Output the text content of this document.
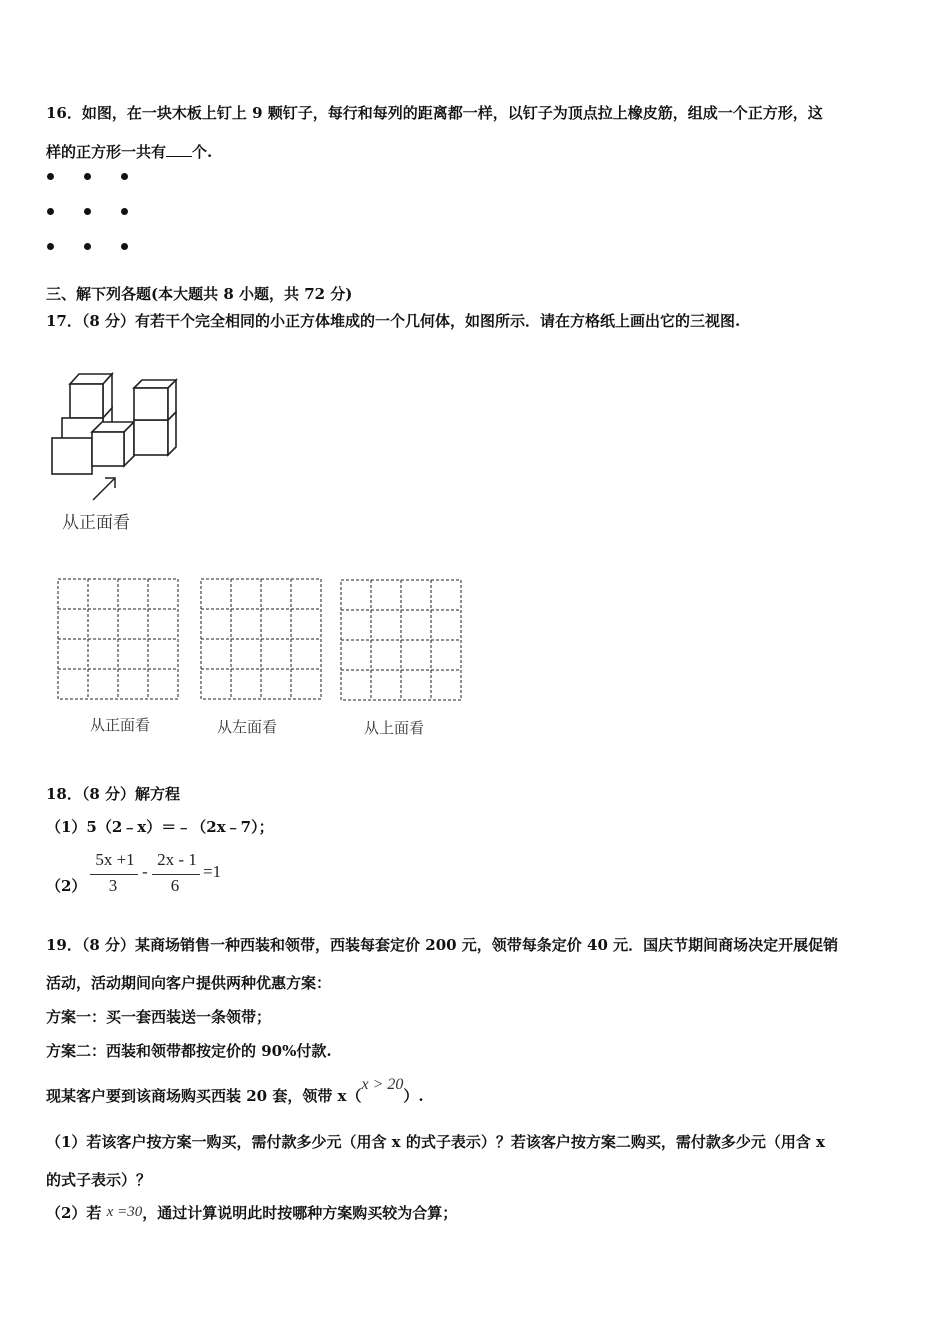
16．如图，在一块木板上钉上 9 颗钉子，每行和每列的距离都一样，以钉子为顶点拉上橡皮筋，组成一个正方形，这
样的正方形一共有 个.
三、解下列各题(本大题共 8 小题，共 72 分)
17．（8 分）有若干个完全相同的小正方体堆成的一个几何体，如图所示．请在方格纸上画出它的三视图.
从正面看
从正面看	从左面看	从上面看
18．（8 分）解方程
（1）5（2﹣x）＝﹣（2x﹣7）；
（2）
5x +1
3
-
2x - 1
6
=1
19．（8 分）某商场销售一种西装和领带，西装每套定价 200 元，领带每条定价 40 元．国庆节期间商场决定开展促销
活动，活动期间向客户提供两种优惠方案：
方案一：买一套西装送一条领带；
方案二：西装和领带都按定价的 90%付款.
现某客户要到该商场购买西装 20 套，领带 x（x > 20）.
（1）若该客户按方案一购买，需付款多少元（用含 x 的式子表示）？若该客户按方案二购买，需付款多少元（用含 x
的式子表示）？
（2）若 x =30，通过计算说明此时按哪种方案购买较为合算；
